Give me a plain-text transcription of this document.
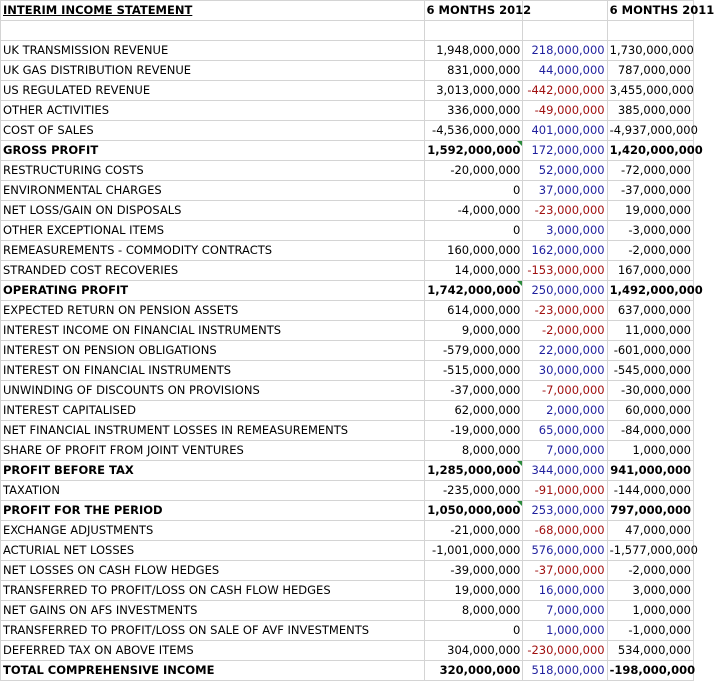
INTERIM INCOME STATEMENT	6 MONTHS 2012		6 MONTHS 2011

UK TRANSMISSION REVENUE	1,948,000,000	218,000,000	1,730,000,000
UK GAS DISTRIBUTION REVENUE	831,000,000	44,000,000	787,000,000
US REGULATED REVENUE	3,013,000,000	-442,000,000	3,455,000,000
OTHER ACTIVITIES	336,000,000	-49,000,000	385,000,000
COST OF SALES	-4,536,000,000	401,000,000	-4,937,000,000
GROSS PROFIT	1,592,000,000	172,000,000	1,420,000,000
RESTRUCTURING COSTS	-20,000,000	52,000,000	-72,000,000
ENVIRONMENTAL CHARGES	0	37,000,000	-37,000,000
NET LOSS/GAIN ON DISPOSALS	-4,000,000	-23,000,000	19,000,000
OTHER EXCEPTIONAL ITEMS	0	3,000,000	-3,000,000
REMEASUREMENTS - COMMODITY CONTRACTS	160,000,000	162,000,000	-2,000,000
STRANDED COST RECOVERIES	14,000,000	-153,000,000	167,000,000
OPERATING PROFIT	1,742,000,000	250,000,000	1,492,000,000
EXPECTED RETURN ON PENSION ASSETS	614,000,000	-23,000,000	637,000,000
INTEREST INCOME ON FINANCIAL INSTRUMENTS	9,000,000	-2,000,000	11,000,000
INTEREST ON PENSION OBLIGATIONS	-579,000,000	22,000,000	-601,000,000
INTEREST ON FINANCIAL INSTRUMENTS	-515,000,000	30,000,000	-545,000,000
UNWINDING OF DISCOUNTS ON PROVISIONS	-37,000,000	-7,000,000	-30,000,000
INTEREST CAPITALISED	62,000,000	2,000,000	60,000,000
NET FINANCIAL INSTRUMENT LOSSES IN REMEASUREMENTS	-19,000,000	65,000,000	-84,000,000
SHARE OF PROFIT FROM JOINT VENTURES	8,000,000	7,000,000	1,000,000
PROFIT BEFORE TAX	1,285,000,000	344,000,000	941,000,000
TAXATION	-235,000,000	-91,000,000	-144,000,000
PROFIT FOR THE PERIOD	1,050,000,000	253,000,000	797,000,000
EXCHANGE ADJUSTMENTS	-21,000,000	-68,000,000	47,000,000
ACTURIAL NET LOSSES	-1,001,000,000	576,000,000	-1,577,000,000
NET LOSSES ON CASH FLOW HEDGES	-39,000,000	-37,000,000	-2,000,000
TRANSFERRED TO PROFIT/LOSS ON CASH FLOW HEDGES	19,000,000	16,000,000	3,000,000
NET GAINS ON AFS INVESTMENTS	8,000,000	7,000,000	1,000,000
TRANSFERRED TO PROFIT/LOSS ON SALE OF AVF INVESTMENTS	0	1,000,000	-1,000,000
DEFERRED TAX ON ABOVE ITEMS	304,000,000	-230,000,000	534,000,000
TOTAL COMPREHENSIVE INCOME	320,000,000	518,000,000	-198,000,000
